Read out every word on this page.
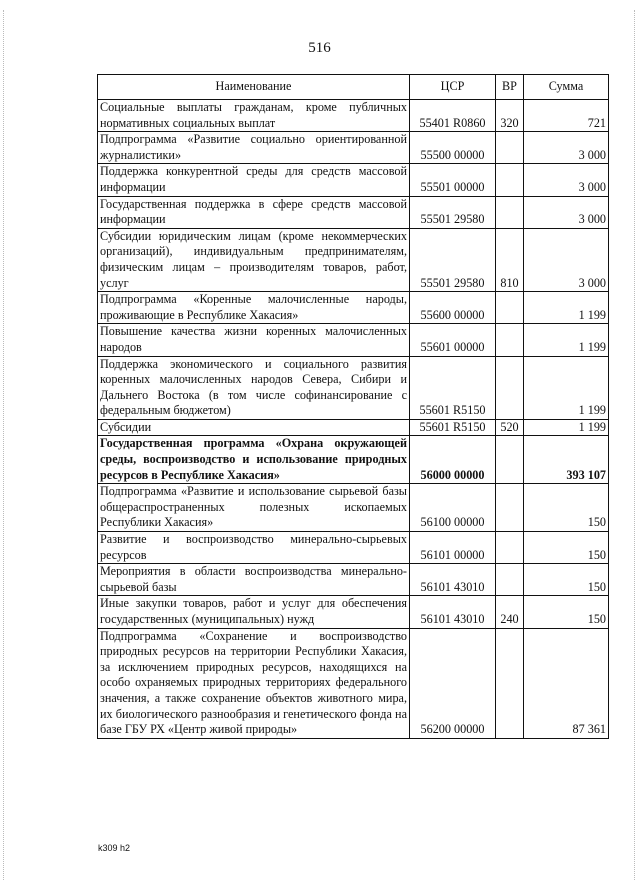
516
Наименование	ЦСР	ВР	Сумма
Социальные выплаты гражданам, кроме публичных нормативных социальных выплат	55401 R0860	320	721
Подпрограмма «Развитие социально ориентированной журналистики»	55500 00000		3 000
Поддержка конкурентной среды для средств массовой информации	55501 00000		3 000
Государственная поддержка в сфере средств массовой информации	55501 29580		3 000
Субсидии юридическим лицам (кроме некоммерческих организаций), индивидуальным предпринимателям, физическим лицам – производителям товаров, работ, услуг	55501 29580	810	3 000
Подпрограмма «Коренные малочисленные народы, проживающие в Республике Хакасия»	55600 00000		1 199
Повышение качества жизни коренных малочисленных народов	55601 00000		1 199
Поддержка экономического и социального развития коренных малочисленных народов Севера, Сибири и Дальнего Востока (в том числе софинансирование с федеральным бюджетом)	55601 R5150		1 199
Субсидии	55601 R5150	520	1 199
Государственная программа «Охрана окружающей среды, воспроизводство и использование природных ресурсов в Республике Хакасия»	56000 00000		393 107
Подпрограмма «Развитие и использование сырьевой базы общераспространенных полезных ископаемых Республики Хакасия»	56100 00000		150
Развитие и воспроизводство минерально-сырьевых ресурсов	56101 00000		150
Мероприятия в области воспроизводства минерально-сырьевой базы	56101 43010		150
Иные закупки товаров, работ и услуг для обеспечения государственных (муниципальных) нужд	56101 43010	240	150
Подпрограмма «Сохранение и воспроизводство природных ресурсов на территории Республики Хакасия, за исключением природных ресурсов, находящихся на особо охраняемых природных территориях федерального значения, а также сохранение объектов животного мира, их биологического разнообразия и генетического фонда на базе ГБУ РХ «Центр живой природы»	56200 00000		87 361
k309 h2
